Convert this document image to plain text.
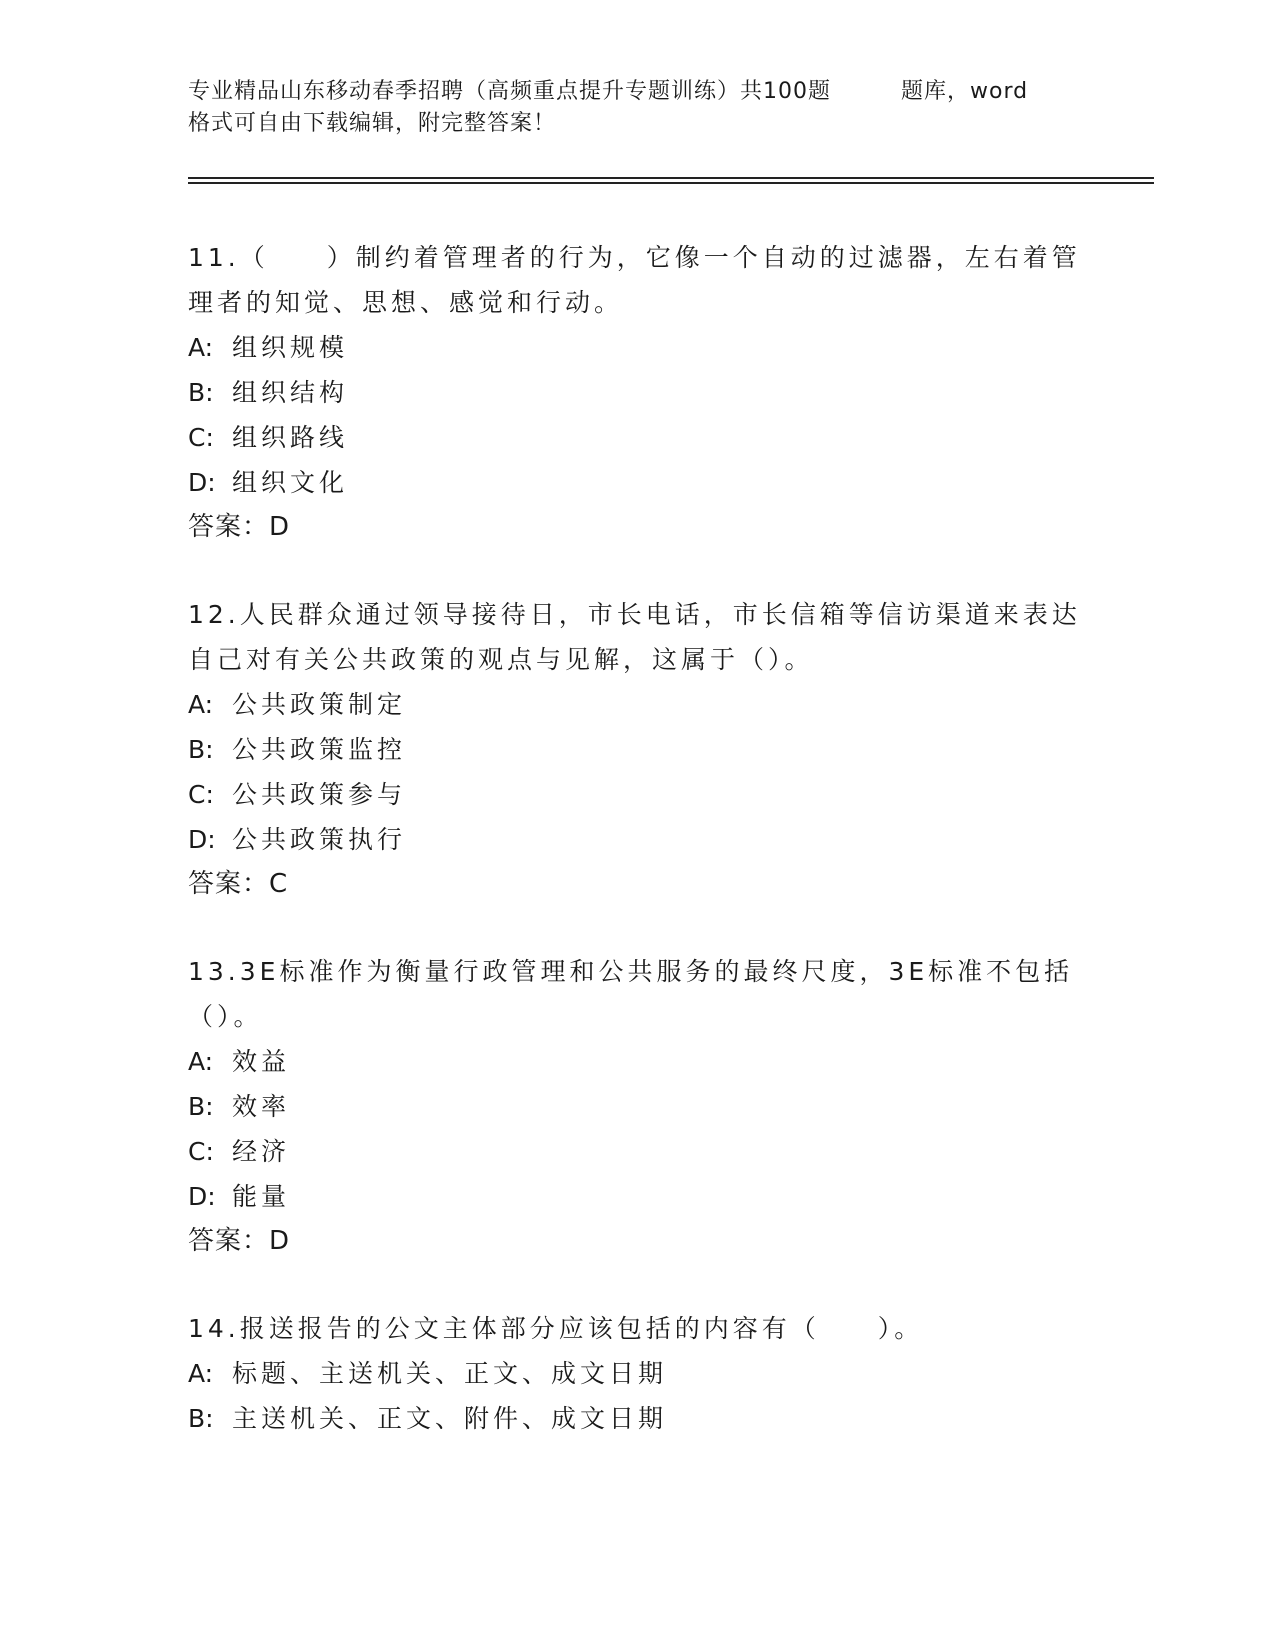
专业精品山东移动春季招聘（高频重点提升专题训练）共100题	题库，word
格式可自由下载编辑，附完整答案！

11.（　　）制约着管理者的行为，它像一个自动的过滤器，左右着管理者的知觉、思想、感觉和行动。

A: 组织规模

B: 组织结构

C: 组织路线

D: 组织文化

答案：D

12.人民群众通过领导接待日，市长电话，市长信箱等信访渠道来表达自己对有关公共政策的观点与见解，这属于（）。

A: 公共政策制定

B: 公共政策监控

C: 公共政策参与

D: 公共政策执行

答案：C

13.3E标准作为衡量行政管理和公共服务的最终尺度，3E标准不包括（）。

A: 效益

B: 效率

C: 经济

D: 能量

答案：D

14.报送报告的公文主体部分应该包括的内容有（　　）。

A: 标题、主送机关、正文、成文日期

B: 主送机关、正文、附件、成文日期
